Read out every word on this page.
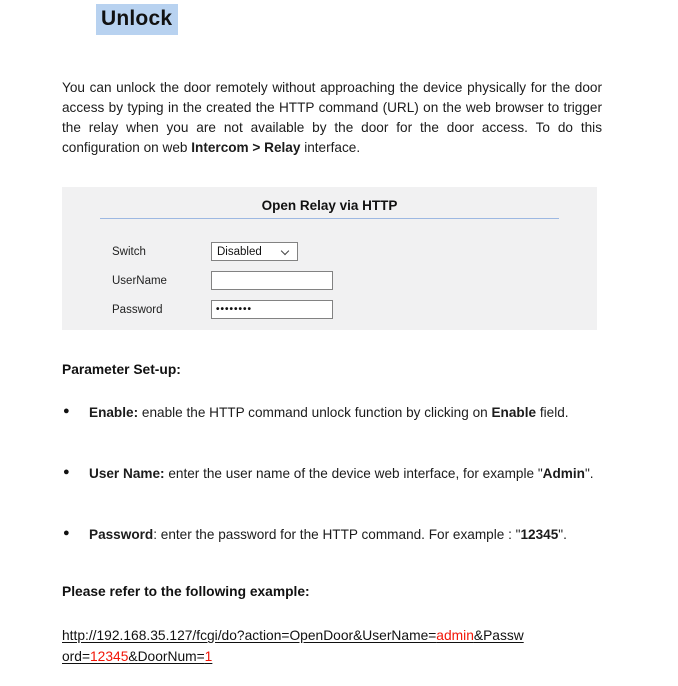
Unlock

You can unlock the door remotely without approaching the device physically for the door access by typing in the created the HTTP command (URL) on the web browser to trigger the relay when you are not available by the door for the door access. To do this configuration on web Intercom > Relay interface.

Open Relay via HTTP
Switch	Disabled
UserName
Password
••••••••
Parameter Set-up:
● Enable: enable the HTTP command unlock function by clicking on Enable field.
● User Name: enter the user name of the device web interface, for example "Admin".
● Password: enter the password for the HTTP command. For example : "12345".
Please refer to the following example:
http://192.168.35.127/fcgi/do?action=OpenDoor&UserName=admin&Passw
ord=12345&DoorNum=1
